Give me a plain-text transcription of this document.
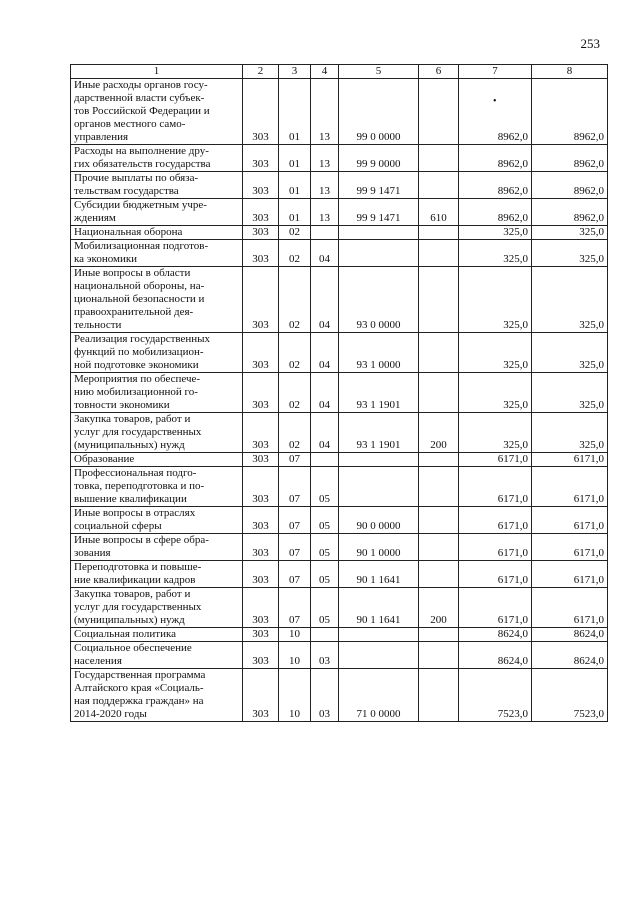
253
1	2	3	4	5	6	7	8

Иные расходы органов госу-
дарственной власти субъек-
тов Российской Федерации и
органов местного само-
управления	303	01	13	99 0 0000		8962,0	8962,0

Расходы на выполнение дру-
гих обязательств государства	303	01	13	99 9 0000		8962,0	8962,0

Прочие выплаты по обяза-
тельствам государства	303	01	13	99 9 1471		8962,0	8962,0

Субсидии бюджетным учре-
ждениям	303	01	13	99 9 1471	610	8962,0	8962,0

Национальная оборона	303	02				325,0	325,0

Мобилизационная подготов-
ка экономики	303	02	04			325,0	325,0

Иные вопросы в области
национальной обороны, на-
циональной безопасности и
правоохранительной дея-
тельности	303	02	04	93 0 0000		325,0	325,0

Реализация государственных
функций по мобилизацион-
ной подготовке экономики	303	02	04	93 1 0000		325,0	325,0

Мероприятия по обеспече-
нию мобилизационной го-
товности экономики	303	02	04	93 1 1901		325,0	325,0

Закупка товаров, работ и
услуг для государственных
(муниципальных) нужд	303	02	04	93 1 1901	200	325,0	325,0

Образование	303	07				6171,0	6171,0

Профессиональная подго-
товка, переподготовка и по-
вышение квалификации	303	07	05			6171,0	6171,0

Иные вопросы в отраслях
социальной сферы	303	07	05	90 0 0000		6171,0	6171,0

Иные вопросы в сфере обра-
зования	303	07	05	90 1 0000		6171,0	6171,0

Переподготовка и повыше-
ние квалификации кадров	303	07	05	90 1 1641		6171,0	6171,0

Закупка товаров, работ и
услуг для государственных
(муниципальных) нужд	303	07	05	90 1 1641	200	6171,0	6171,0

Социальная политика	303	10				8624,0	8624,0

Социальное обеспечение
населения	303	10	03			8624,0	8624,0

Государственная программа
Алтайского края «Социаль-
ная поддержка граждан» на
2014-2020 годы	303	10	03	71 0 0000		7523,0	7523,0
•
